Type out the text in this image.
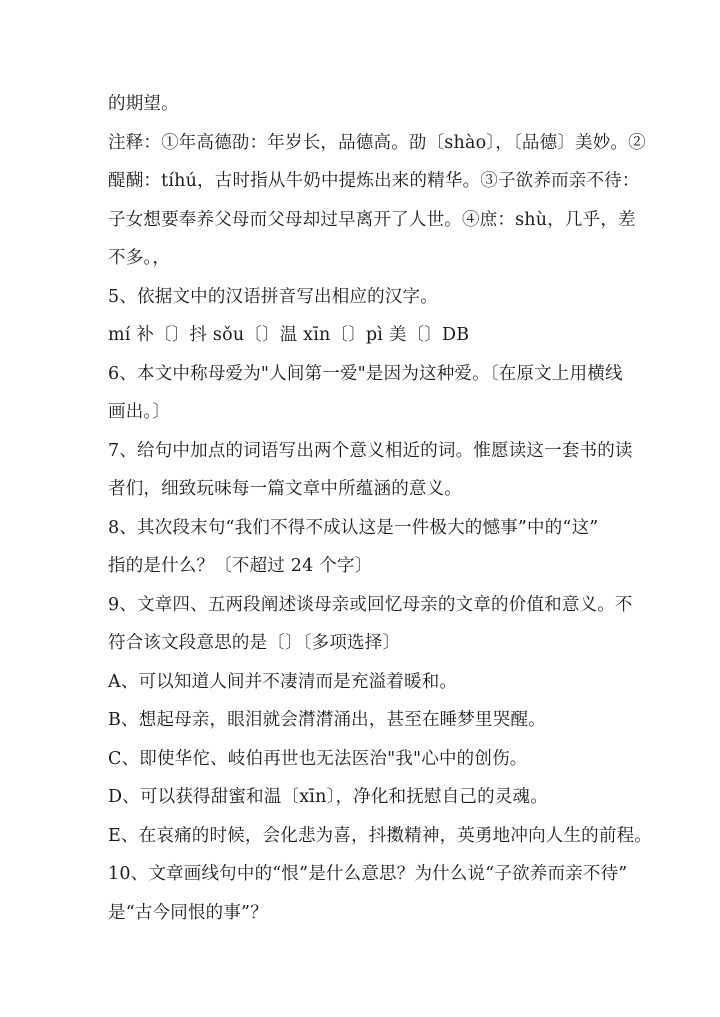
的期望。
注释：①年高德劭：年岁长，品德高。劭〔shào〕，〔品德〕美妙。②
醍醐：tíhú，古时指从牛奶中提炼出来的精华。③子欲养而亲不待：
子女想要奉养父母而父母却过早离开了人世。④庶：shù，几乎，差
不多。，
5、依据文中的汉语拼音写出相应的汉字。
mí 补〔〕抖 sǒu〔〕温 xīn〔〕pì 美〔〕DB
6、本文中称母爱为"人间第一爱"是因为这种爱。〔在原文上用横线
画出。〕
7、给句中加点的词语写出两个意义相近的词。惟愿读这一套书的读
者们，细致玩味每一篇文章中所蕴涵的意义。
8、其次段末句“我们不得不成认这是一件极大的憾事”中的“这”
指的是什么？〔不超过 24 个字〕
9、文章四、五两段阐述谈母亲或回忆母亲的文章的价值和意义。不
符合该文段意思的是〔〕〔多项选择〕
A、可以知道人间并不凄清而是充溢着暖和。
B、想起母亲，眼泪就会潸潸涌出，甚至在睡梦里哭醒。
C、即使华佗、岐伯再世也无法医治"我"心中的创伤。
D、可以获得甜蜜和温〔xīn〕，净化和抚慰自己的灵魂。
E、在哀痛的时候，会化悲为喜，抖擞精神，英勇地冲向人生的前程。
10、文章画线句中的“恨”是什么意思？为什么说“子欲养而亲不待”
是“古今同恨的事”？
